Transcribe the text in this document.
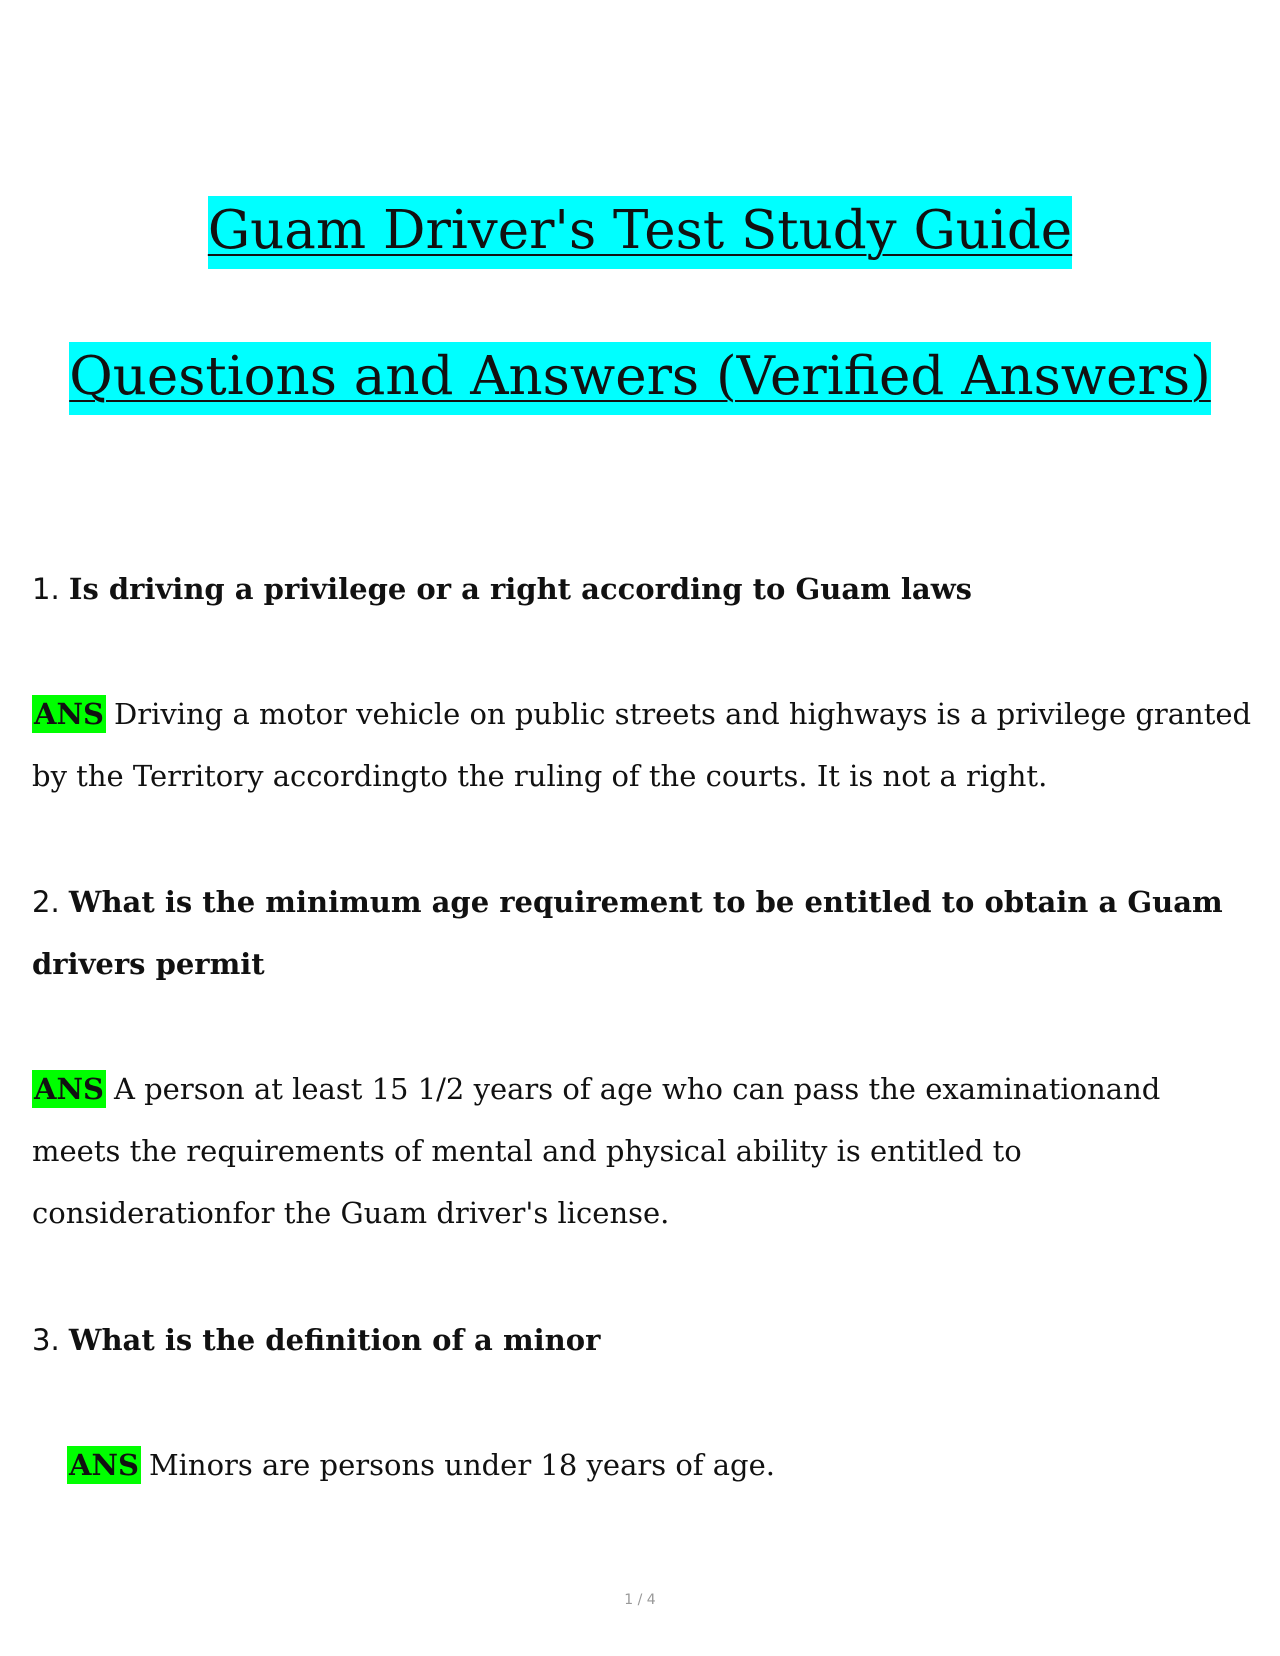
Guam Driver's Test Study Guide
Questions and Answers (Verified Answers)
1. Is driving a privilege or a right according to Guam laws
ANS Driving a motor vehicle on public streets and highways is a privilege granted by the Territory accordingto the ruling of the courts. It is not a right.
2. What is the minimum age requirement to be entitled to obtain a Guam drivers permit
ANS A person at least 15 1/2 years of age who can pass the examinationand meets the requirements of mental and physical ability is entitled to considerationfor the Guam driver's license.
3. What is the definition of a minor
ANS Minors are persons under 18 years of age.
1 / 4
